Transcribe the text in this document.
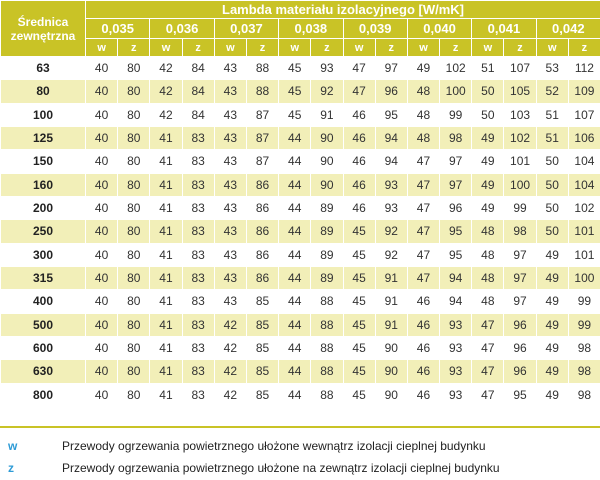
Średnica
zewnętrzna	Lambda materiału izolacyjnego [W/mK]															
	0,035		0,036		0,037		0,038		0,039		0,040		0,041		0,042	
	w	z	w	z	w	z	w	z	w	z	w	z	w	z	w	z
63	40	80	42	84	43	88	45	93	47	97	49	102	51	107	53	112
80	40	80	42	84	43	88	45	92	47	96	48	100	50	105	52	109
100	40	80	42	84	43	87	45	91	46	95	48	99	50	103	51	107
125	40	80	41	83	43	87	44	90	46	94	48	98	49	102	51	106
150	40	80	41	83	43	87	44	90	46	94	47	97	49	101	50	104
160	40	80	41	83	43	86	44	90	46	93	47	97	49	100	50	104
200	40	80	41	83	43	86	44	89	46	93	47	96	49	99	50	102
250	40	80	41	83	43	86	44	89	45	92	47	95	48	98	50	101
300	40	80	41	83	43	86	44	89	45	92	47	95	48	97	49	101
315	40	80	41	83	43	86	44	89	45	91	47	94	48	97	49	100
400	40	80	41	83	43	85	44	88	45	91	46	94	48	97	49	99
500	40	80	41	83	42	85	44	88	45	91	46	93	47	96	49	99
600	40	80	41	83	42	85	44	88	45	90	46	93	47	96	49	98
630	40	80	41	83	42	85	44	88	45	90	46	93	47	96	49	98
800	40	80	41	83	42	85	44	88	45	90	46	93	47	95	49	98
w	Przewody ogrzewania powietrznego ułożone wewnątrz izolacji cieplnej budynku
z	Przewody ogrzewania powietrznego ułożone na zewnątrz izolacji cieplnej budynku
